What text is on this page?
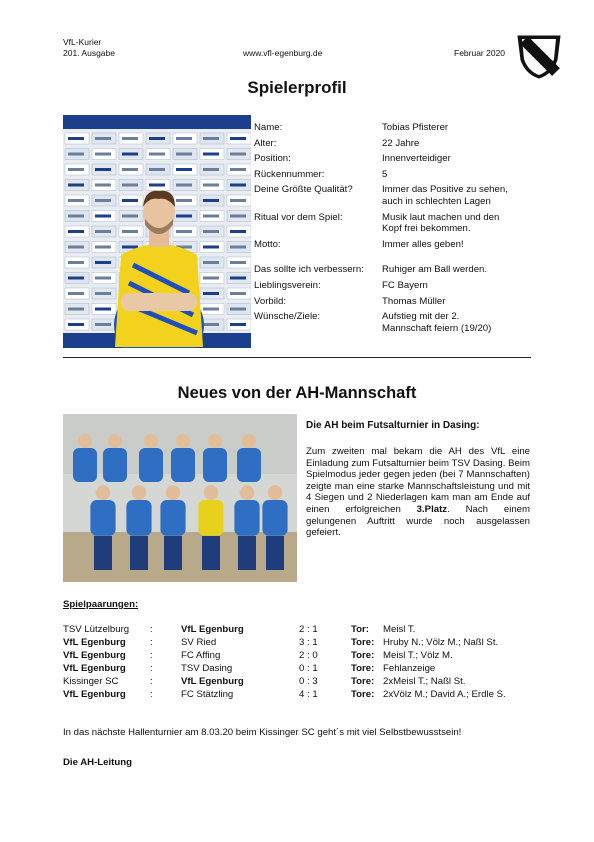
VfL-Kurier
201. Ausgabe	www.vfl-egenburg.de	Februar 2020	V f L
Spielerprofil
Name:	Tobias Pfisterer
Alter:	22 Jahre
Position:	Innenverteidiger
Rückennummer:	5
Deine Größte Qualität?	Immer das Positive zu sehen,
auch in schlechten Lagen
Ritual vor dem Spiel:	Musik laut machen und den
Kopf frei bekommen.
Motto:	Immer alles geben!
Das sollte ich verbessern:	Ruhiger am Ball werden.
Lieblingsverein:	FC Bayern
Vorbild:	Thomas Müller
Wünsche/Ziele:	Aufstieg mit der 2.
Mannschaft feiern (19/20)
Neues von der AH-Mannschaft
Die AH beim Futsalturnier in Dasing:
Zum zweiten mal bekam die AH des VfL eine Einladung zum Futsalturnier beim TSV Dasing. Beim Spielmodus jeder gegen jeden (bei 7 Mannschaften) zeigte man eine starke Mannschaftsleistung und mit 4 Siegen und 2 Niederlagen kam man am Ende auf einen erfolgreichen 3.Platz. Nach einem gelungenen Auftritt wurde noch ausgelassen gefeiert.
Spielpaarungen:
TSV Lützelburg :	VfL Egenburg	2 : 1	Tor: Meisl T.
VfL Egenburg	:	SV Ried	3 : 1	Tore: Hruby N.; Völz M.; Naßl St.
VfL Egenburg	:	FC Affing	2 : 0	Tore: Meisl T.; Völz M.
VfL Egenburg	:	TSV Dasing	0 : 1	Tore: Fehlanzeige
Kissinger SC	:	VfL Egenburg	0 : 3	Tore: 2xMeisl T.; Naßl St.
VfL Egenburg	:	FC Stätzling	4 : 1	Tore: 2xVölz M.; David A.; Erdle S.
In das nächste Hallenturnier am 8.03.20 beim Kissinger SC geht´s mit viel Selbstbewusstsein!
Die AH-Leitung
